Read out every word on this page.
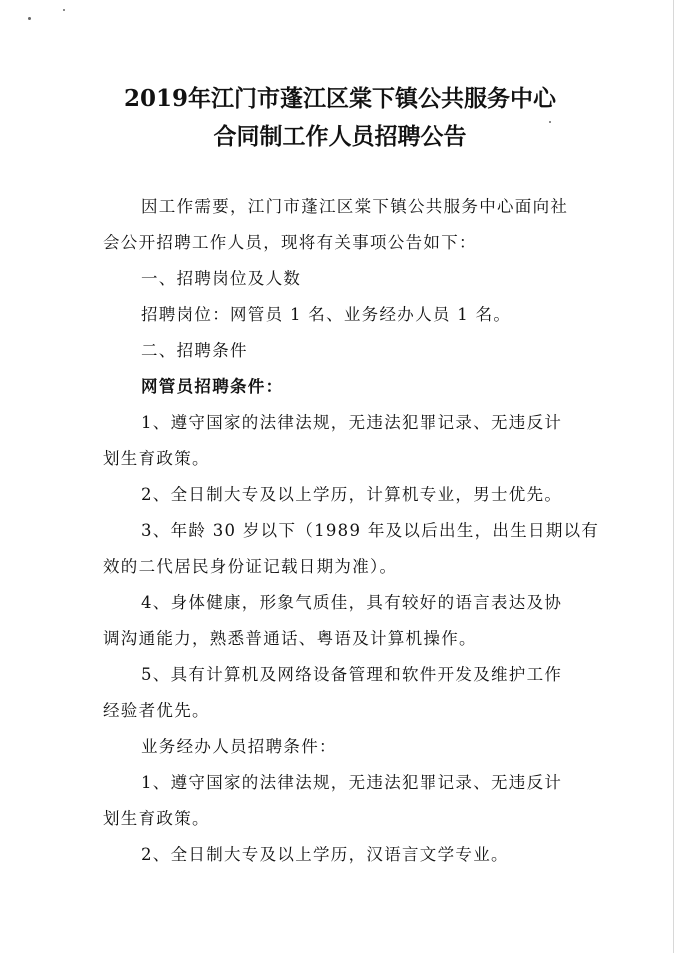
2019年江门市蓬江区棠下镇公共服务中心
合同制工作人员招聘公告
因工作需要，江门市蓬江区棠下镇公共服务中心面向社
会公开招聘工作人员，现将有关事项公告如下：
一、招聘岗位及人数
招聘岗位：网管员 1 名、业务经办人员 1 名。
二、招聘条件
网管员招聘条件：
1、遵守国家的法律法规，无违法犯罪记录、无违反计
划生育政策。
2、全日制大专及以上学历，计算机专业，男士优先。
3、年龄 30 岁以下（1989 年及以后出生，出生日期以有
效的二代居民身份证记载日期为准）。
4、身体健康，形象气质佳，具有较好的语言表达及协
调沟通能力，熟悉普通话、粤语及计算机操作。
5、具有计算机及网络设备管理和软件开发及维护工作
经验者优先。
业务经办人员招聘条件：
1、遵守国家的法律法规，无违法犯罪记录、无违反计
划生育政策。
2、全日制大专及以上学历，汉语言文学专业。
